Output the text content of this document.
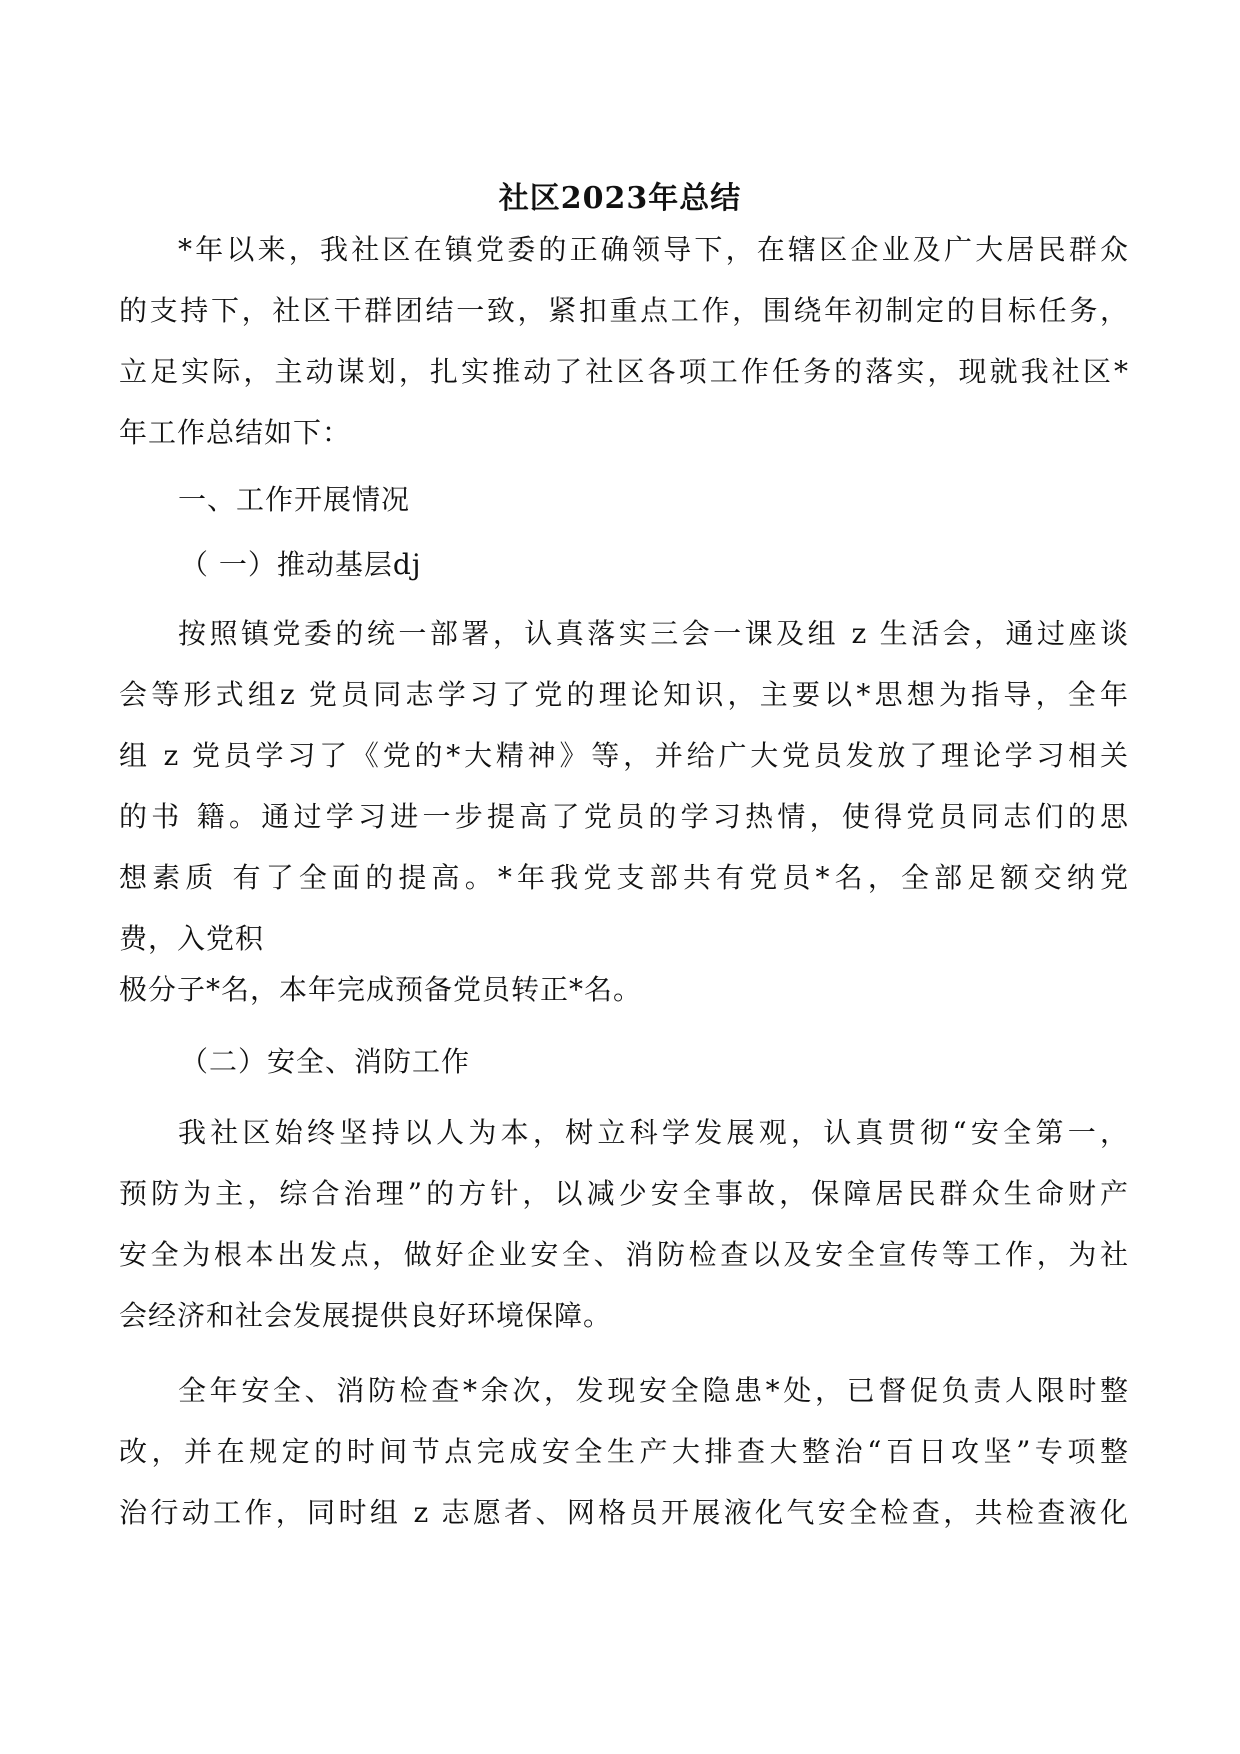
社区2023年总结
*年以来，我社区在镇党委的正确领导下，在辖区企业及广大居民群众
的支持下，社区干群团结一致，紧扣重点工作，围绕年初制定的目标任务，
立足实际，主动谋划，扎实推动了社区各项工作任务的落实，现就我社区*
年工作总结如下：
一、工作开展情况
（ 一）推动基层dj
按照镇党委的统一部署，认真落实三会一课及组 z 生活会，通过座谈
会等形式组z 党员同志学习了党的理论知识，主要以*思想为指导，全年
组 z 党员学习了《党的*大精神》等，并给广大党员发放了理论学习相关
的书 籍。通过学习进一步提高了党员的学习热情，使得党员同志们的思
想素质 有了全面的提高。*年我党支部共有党员*名，全部足额交纳党
费，入党积
极分子*名，本年完成预备党员转正*名。
（二）安全、消防工作
我社区始终坚持以人为本，树立科学发展观，认真贯彻“安全第一，
预防为主，综合治理”的方针，以减少安全事故，保障居民群众生命财产
安全为根本出发点，做好企业安全、消防检查以及安全宣传等工作，为社
会经济和社会发展提供良好环境保障。
全年安全、消防检查*余次，发现安全隐患*处，已督促负责人限时整
改，并在规定的时间节点完成安全生产大排查大整治“百日攻坚”专项整
治行动工作，同时组 z 志愿者、网格员开展液化气安全检查，共检查液化
